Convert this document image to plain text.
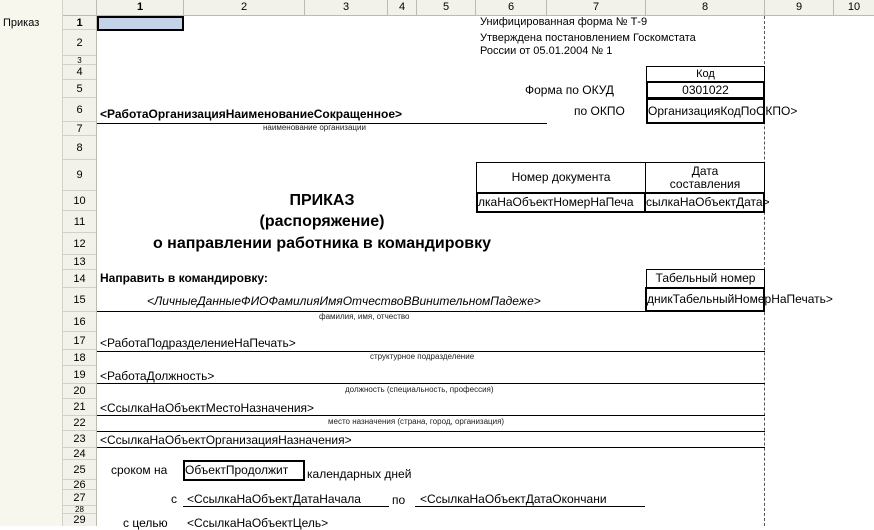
Приказ
1	2	3	4	5	6	7	8	9	10
1
2
3
4
5
6
7
8
9
10
11
12
13
14
15
16
17
18
19
20
21
22
23
24
25
26
27
28
29
Унифицированная форма № Т-9
Утверждена постановлением Госкомстата
России от 05.01.2004 № 1
Код
Форма по ОКУД	0301022
по ОКПО ОрганизацияКодПоОКПО>
<РаботаОрганизацияНаименованиеСокращенное>
наименование организации
Номер документа	Дата
составления
лкаНаОбъектНомерНаПеча	сылкаНаОбъектДата>
ПРИКАЗ
(распоряжение)
о направлении работника в командировку
Направить в командировку:	Табельный номер
<ЛичныеДанныеФИОФамилияИмяОтчествоВВинительномПадеже>	дникТабельныйНомерНаПечать>
фамилия, имя, отчество
<РаботаПодразделениеНаПечать>
структурное подразделение
<РаботаДолжность>
должность (специальность, профессия)
<СсылкаНаОбъектМестоНазначения>
место назначения (страна, город, организация)
<СсылкаНаОбъектОрганизацияНазначения>
сроком на ОбъектПродолжит	календарных дней
с <СсылкаНаОбъектДатаНачала	по <СсылкаНаОбъектДатаОкончани
с целью <СсылкаНаОбъектЦель>
